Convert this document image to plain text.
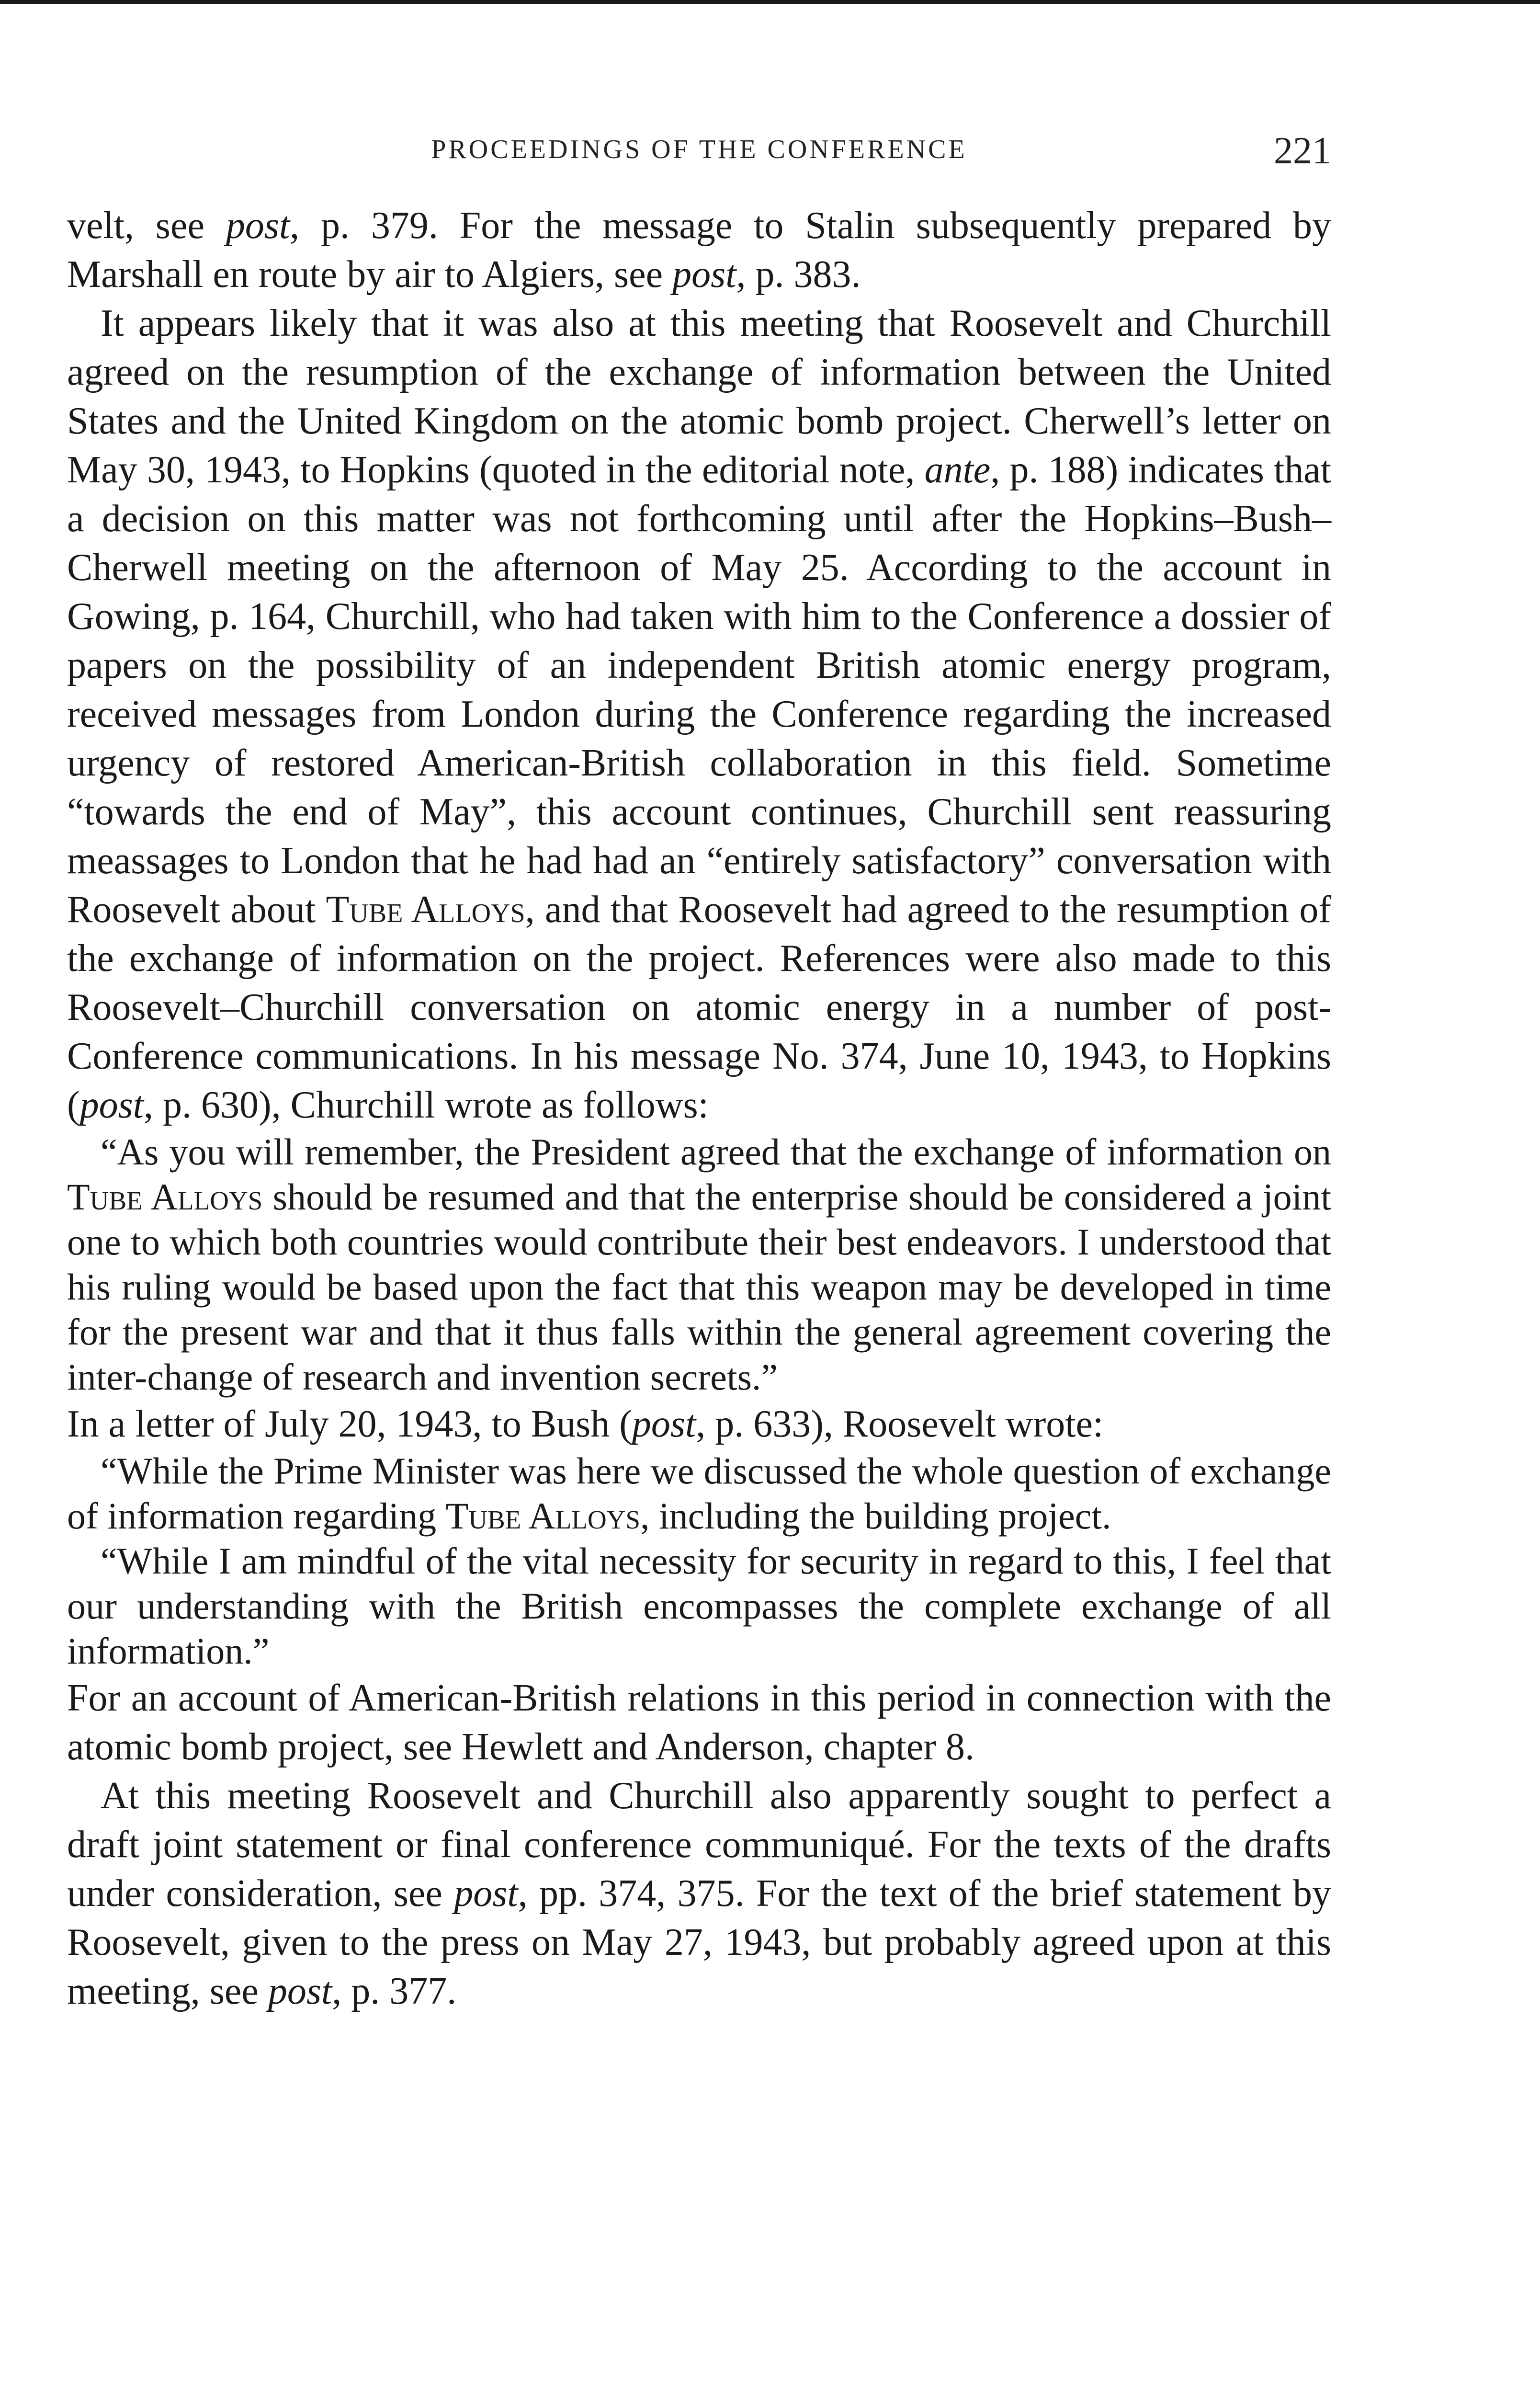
PROCEEDINGS OF THE CONFERENCE	221

velt, see post, p. 379. For the message to Stalin subsequently prepared by Marshall en route by air to Algiers, see post, p. 383.

It appears likely that it was also at this meeting that Roosevelt and Churchill agreed on the resumption of the exchange of information between the United States and the United Kingdom on the atomic bomb project. Cherwell’s letter on May 30, 1943, to Hopkins (quoted in the editorial note, ante, p. 188) indicates that a decision on this matter was not forthcoming until after the Hopkins–Bush–Cherwell meeting on the afternoon of May 25. According to the account in Gowing, p. 164, Churchill, who had taken with him to the Conference a dossier of papers on the possibility of an independent British atomic energy program, received messages from London during the Conference regarding the increased urgency of restored American-British collaboration in this field. Sometime “towards the end of May”, this account continues, Churchill sent reassuring meassages to London that he had had an “entirely satisfactory” conversation with Roosevelt about Tube Alloys, and that Roosevelt had agreed to the resumption of the exchange of information on the project. References were also made to this Roosevelt–Churchill conversation on atomic energy in a number of post-Conference communications. In his message No. 374, June 10, 1943, to Hopkins (post, p. 630), Churchill wrote as follows:

“As you will remember, the President agreed that the exchange of information on Tube Alloys should be resumed and that the enterprise should be considered a joint one to which both countries would contribute their best endeavors. I understood that his ruling would be based upon the fact that this weapon may be developed in time for the present war and that it thus falls within the general agreement covering the inter-change of research and invention secrets.”

In a letter of July 20, 1943, to Bush (post, p. 633), Roosevelt wrote:

“While the Prime Minister was here we discussed the whole question of exchange of information regarding Tube Alloys, including the building project.

“While I am mindful of the vital necessity for security in regard to this, I feel that our understanding with the British encompasses the complete exchange of all information.”

For an account of American-British relations in this period in connection with the atomic bomb project, see Hewlett and Anderson, chapter 8.

At this meeting Roosevelt and Churchill also apparently sought to perfect a draft joint statement or final conference communiqué. For the texts of the drafts under consideration, see post, pp. 374, 375. For the text of the brief statement by Roosevelt, given to the press on May 27, 1943, but probably agreed upon at this meeting, see post, p. 377.
